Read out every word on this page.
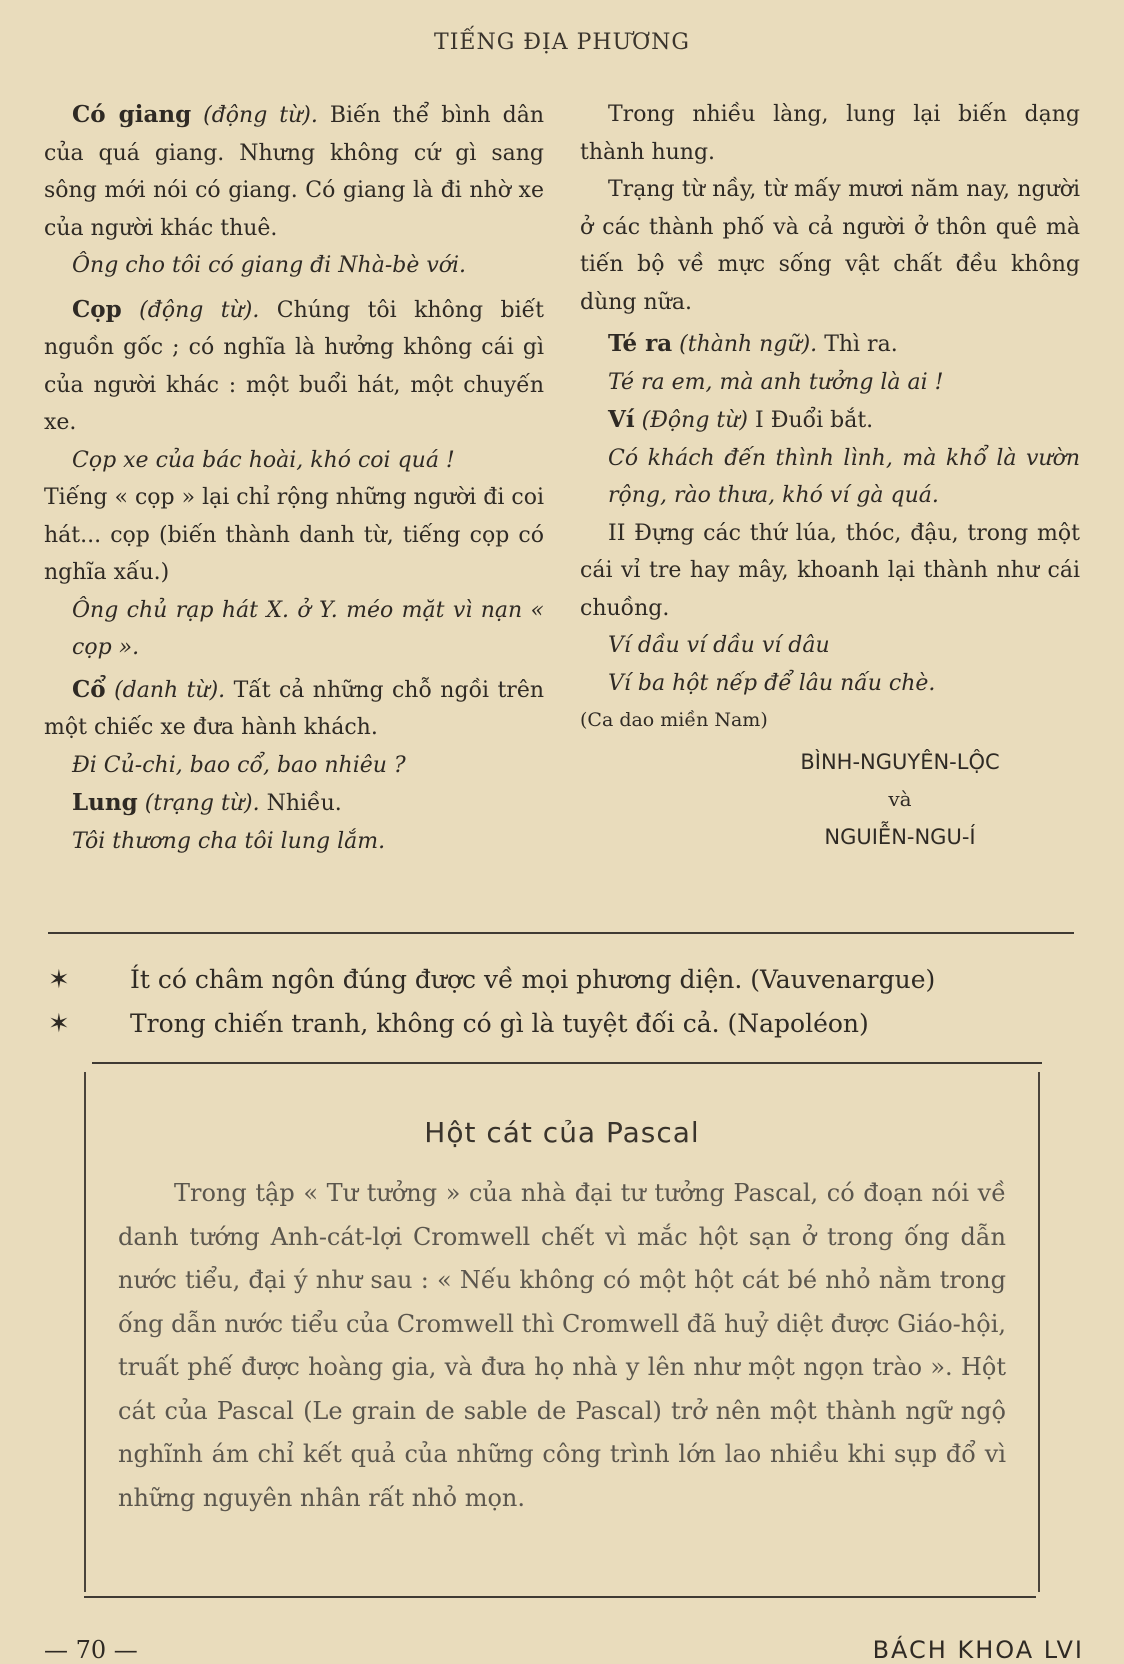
TIẾNG ĐỊA PHƯƠNG

Có giang (động từ). Biến thể bình dân của quá giang. Nhưng không cứ gì sang sông mới nói có giang. Có giang là đi nhờ xe của người khác thuê.

Ông cho tôi có giang đi Nhà-bè với.

Cọp (động từ). Chúng tôi không biết nguồn gốc ; có nghĩa là hưởng không cái gì của người khác : một buổi hát, một chuyến xe.

Cọp xe của bác hoài, khó coi quá !

Tiếng « cọp » lại chỉ rộng những người đi coi hát... cọp (biến thành danh từ, tiếng cọp có nghĩa xấu.)

Ông chủ rạp hát X. ở Y. méo mặt vì nạn « cọp ».

Cổ (danh từ). Tất cả những chỗ ngồi trên một chiếc xe đưa hành khách.

Đi Củ-chi, bao cổ, bao nhiêu ?

Lung (trạng từ). Nhiều.

Tôi thương cha tôi lung lắm.

Trong nhiều làng, lung lại biến dạng thành hung.

Trạng từ nầy, từ mấy mươi năm nay, người ở các thành phố và cả người ở thôn quê mà tiến bộ về mực sống vật chất đều không dùng nữa.

Té ra (thành ngữ). Thì ra.

Té ra em, mà anh tưởng là ai !

Ví (Động từ) I Đuổi bắt.

Có khách đến thình lình, mà khổ là vườn rộng, rào thưa, khó ví gà quá.

II Đựng các thứ lúa, thóc, đậu, trong một cái vỉ tre hay mây, khoanh lại thành như cái chuồng.

Ví dầu ví dầu ví dâu

Ví ba hột nếp để lâu nấu chè.

(Ca dao miền Nam)

BÌNH-NGUYÊN-LỘC

và

NGUIỄN-NGU-Í

✶	Ít có châm ngôn đúng được về mọi phương diện. (Vauvenargue)
✶	Trong chiến tranh, không có gì là tuyệt đối cả. (Napoléon)
Hột cát của Pascal

Trong tập « Tư tưởng » của nhà đại tư tưởng Pascal, có đoạn nói về danh tướng Anh-cát-lợi Cromwell chết vì mắc hột sạn ở trong ống dẫn nước tiểu, đại ý như sau : « Nếu không có một hột cát bé nhỏ nằm trong ống dẫn nước tiểu của Cromwell thì Cromwell đã huỷ diệt được Giáo-hội, truất phế được hoàng gia, và đưa họ nhà y lên như một ngọn trào ». Hột cát của Pascal (Le grain de sable de Pascal) trở nên một thành ngữ ngộ nghĩnh ám chỉ kết quả của những công trình lớn lao nhiều khi sụp đổ vì những nguyên nhân rất nhỏ mọn.

— 70 —	BÁCH KHOA LVI
